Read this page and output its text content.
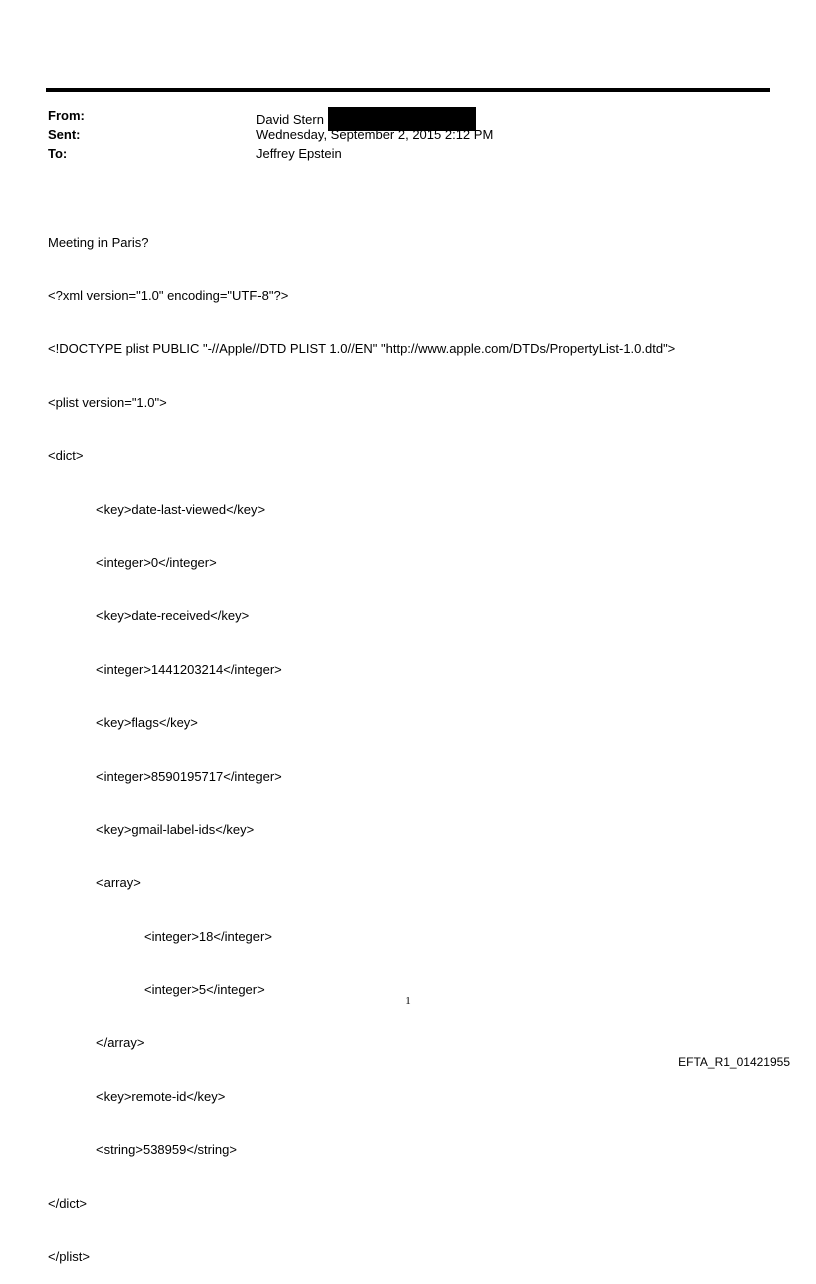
From:	David Stern
Sent:	Wednesday, September 2, 2015 2:12 PM
To:	Jeffrey Epstein

Meeting in Paris?

<?xml version="1.0" encoding="UTF-8"?>

<!DOCTYPE plist PUBLIC "-//Apple//DTD PLIST 1.0//EN" "http://www.apple.com/DTDs/PropertyList-1.0.dtd">

<plist version="1.0">

<dict>

<key>date-last-viewed</key>

<integer>0</integer>

<key>date-received</key>

<integer>1441203214</integer>

<key>flags</key>

<integer>8590195717</integer>

<key>gmail-label-ids</key>

<array>

<integer>18</integer>

<integer>5</integer>

</array>

<key>remote-id</key>

<string>538959</string>

</dict>

</plist>

1
EFTA_R1_01421955
